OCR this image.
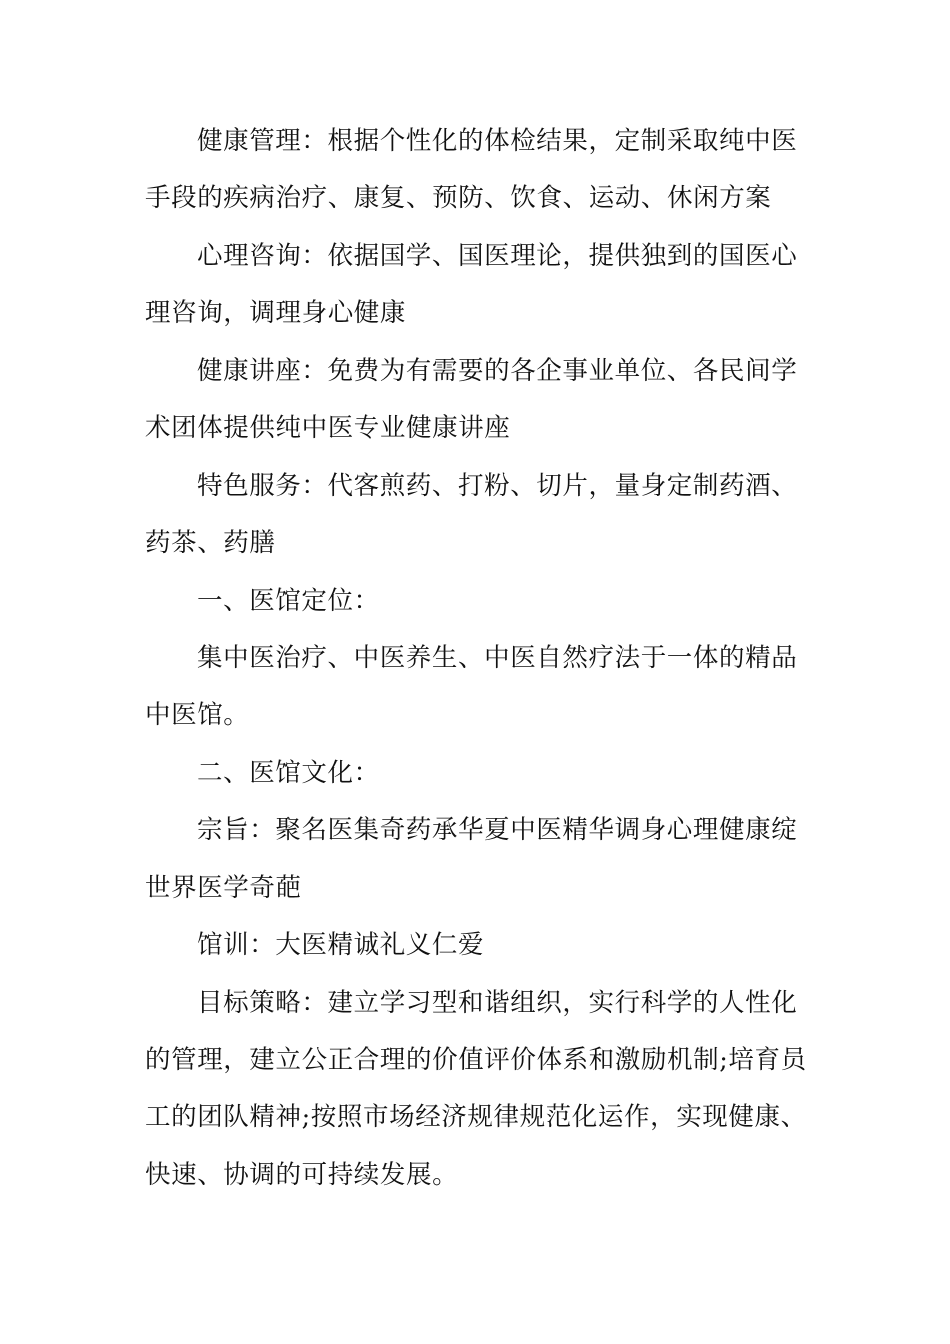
健康管理：根据个性化的体检结果，定制采取纯中医
手段的疾病治疗、康复、预防、饮食、运动、休闲方案
心理咨询：依据国学、国医理论，提供独到的国医心
理咨询，调理身心健康
健康讲座：免费为有需要的各企事业单位、各民间学
术团体提供纯中医专业健康讲座
特色服务：代客煎药、打粉、切片，量身定制药酒、
药茶、药膳
一、医馆定位：
集中医治疗、中医养生、中医自然疗法于一体的精品
中医馆。
二、医馆文化：
宗旨：聚名医集奇药承华夏中医精华调身心理健康绽
世界医学奇葩
馆训：大医精诚礼义仁爱
目标策略：建立学习型和谐组织，实行科学的人性化
的管理，建立公正合理的价值评价体系和激励机制;培育员
工的团队精神;按照市场经济规律规范化运作，实现健康、
快速、协调的可持续发展。
